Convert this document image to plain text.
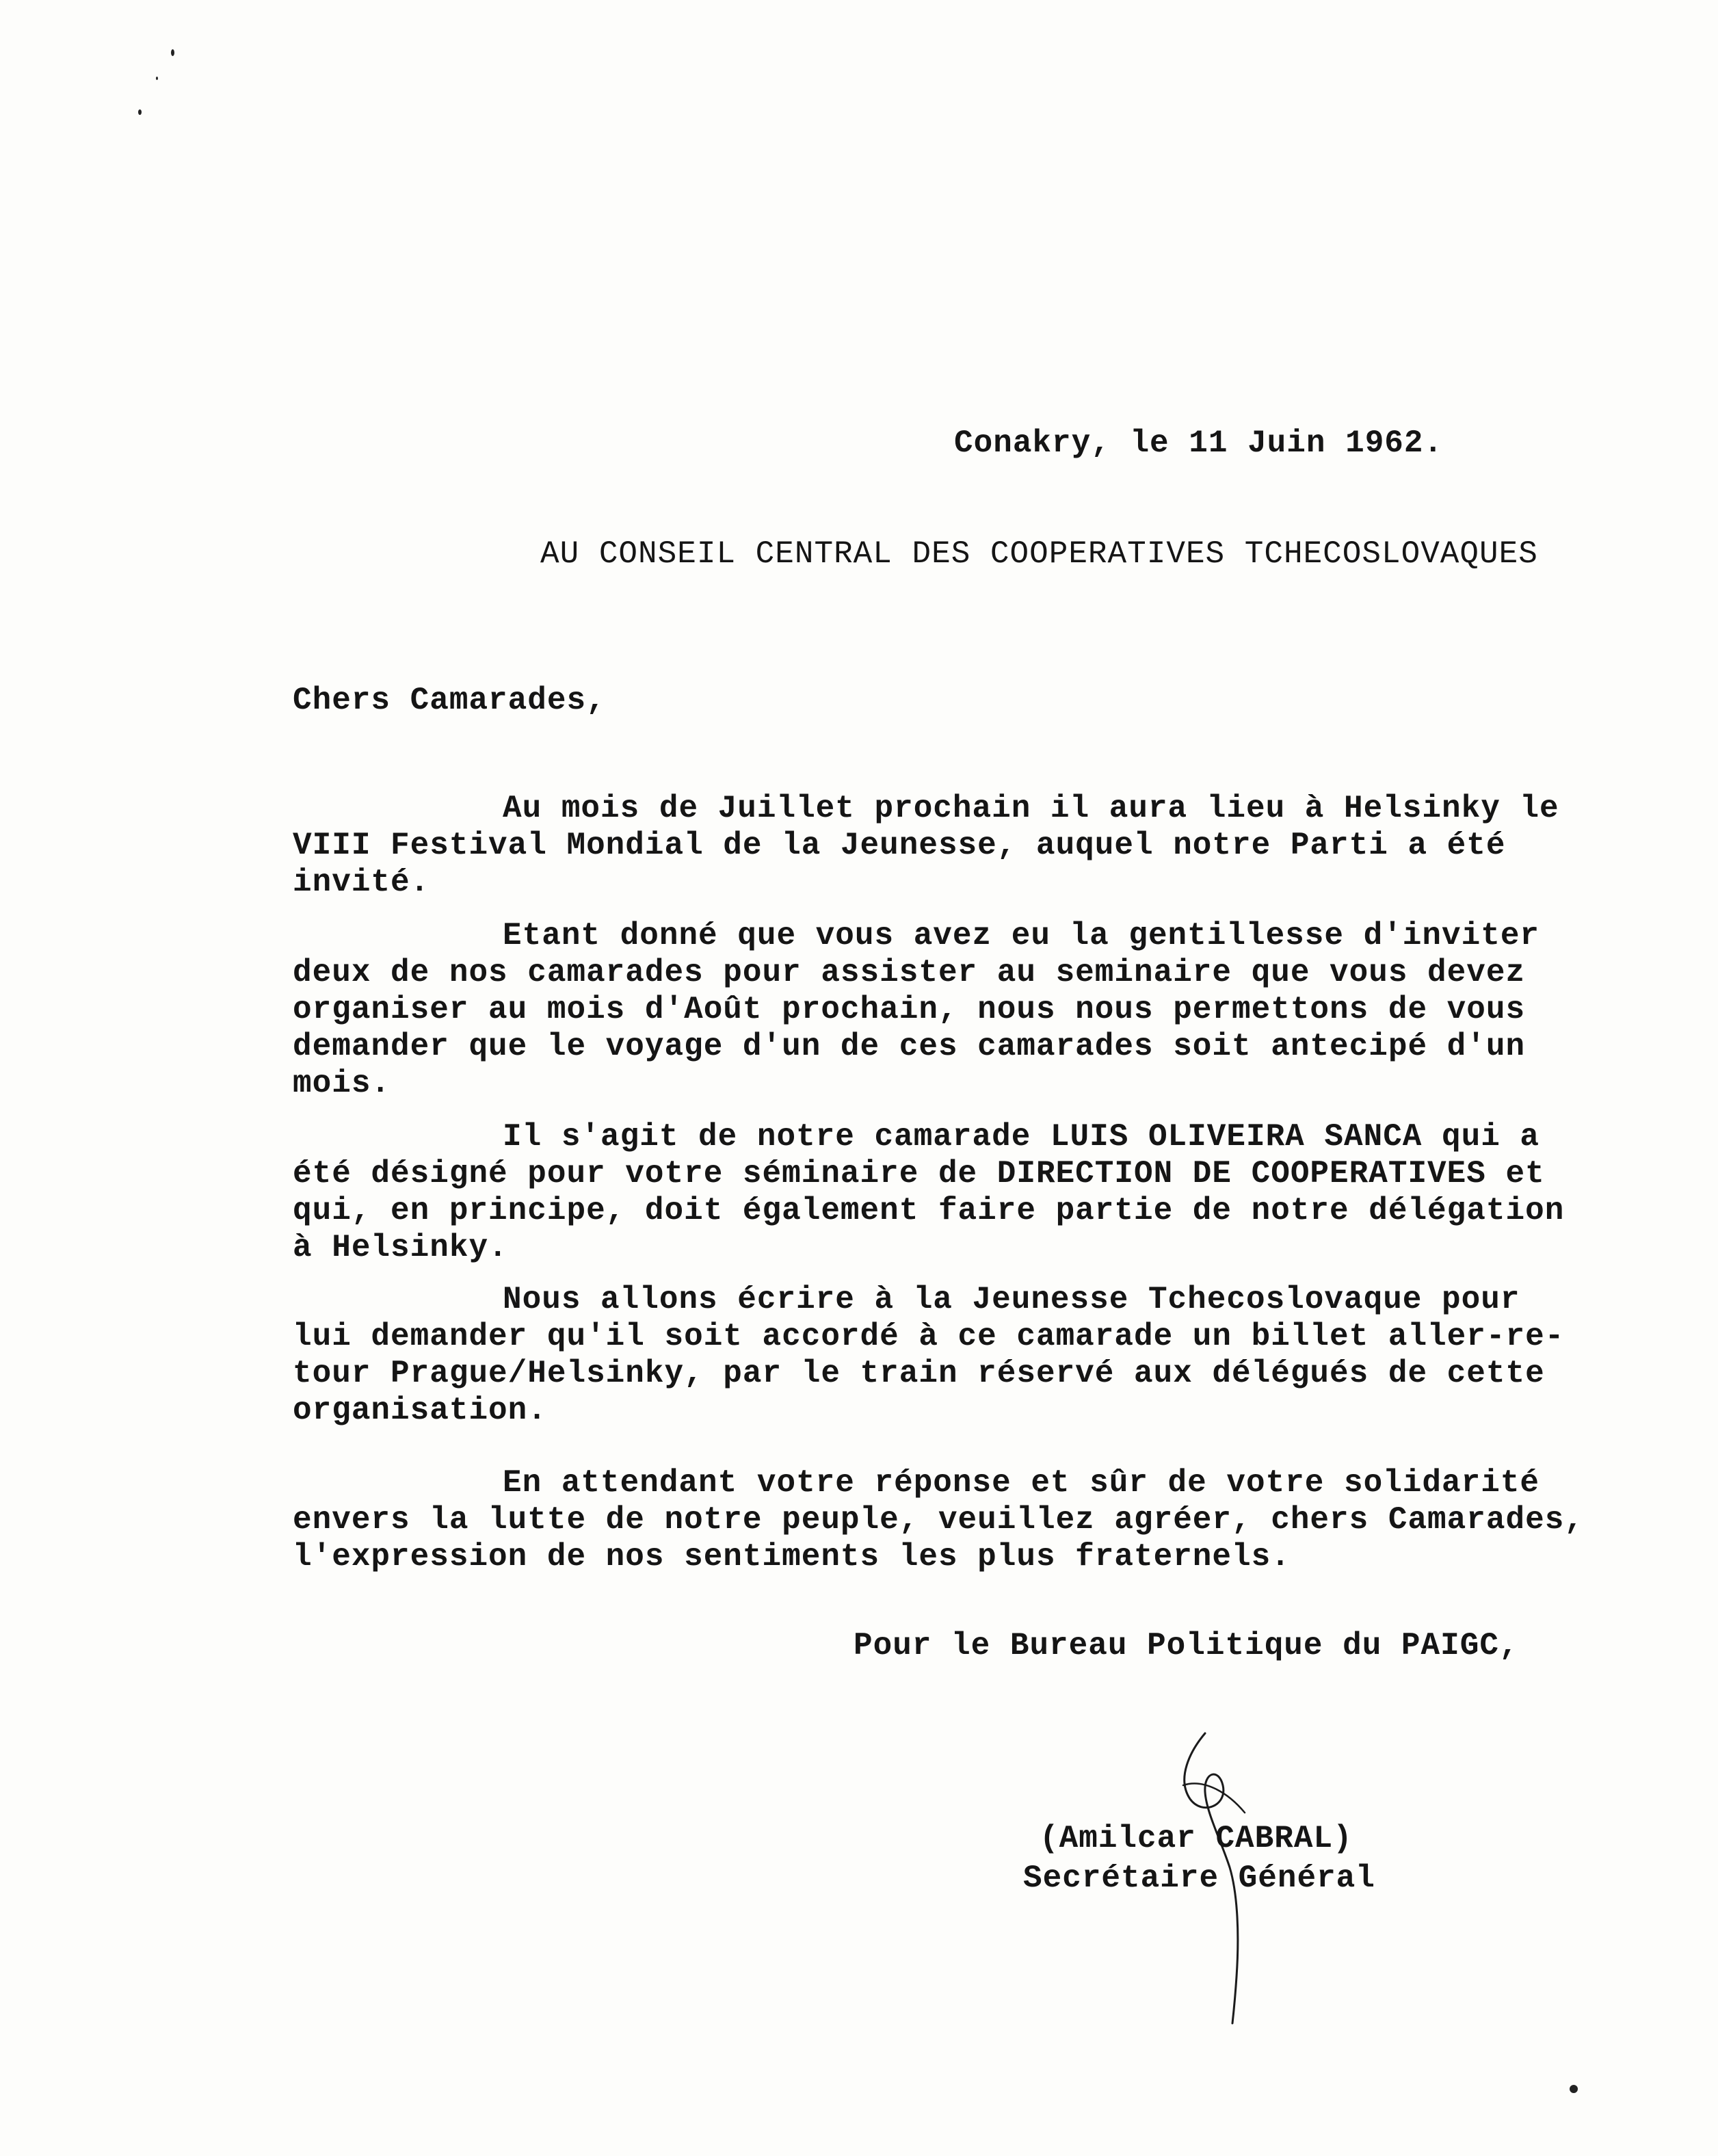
Conakry, le 11 Juin 1962.
AU CONSEIL CENTRAL DES COOPERATIVES TCHECOSLOVAQUES
Chers Camarades,
Au mois de Juillet prochain il aura lieu à Helsinky le
VIII Festival Mondial de la Jeunesse, auquel notre Parti a été
invité.
Etant donné que vous avez eu la gentillesse d'inviter
deux de nos camarades pour assister au seminaire que vous devez
organiser au mois d'Août prochain, nous nous permettons de vous
demander que le voyage d'un de ces camarades soit antecipé d'un
mois.
Il s'agit de notre camarade LUIS OLIVEIRA SANCA qui a
été désigné pour votre séminaire de DIRECTION DE COOPERATIVES et
qui, en principe, doit également faire partie de notre délégation
à Helsinky.
Nous allons écrire à la Jeunesse Tchecoslovaque pour
lui demander qu'il soit accordé à ce camarade un billet aller-re-
tour Prague/Helsinky, par le train réservé aux délégués de cette
organisation.
En attendant votre réponse et sûr de votre solidarité
envers la lutte de notre peuple, veuillez agréer, chers Camarades,
l'expression de nos sentiments les plus fraternels.
Pour le Bureau Politique du PAIGC,
(Amilcar CABRAL)
Secrétaire Général
